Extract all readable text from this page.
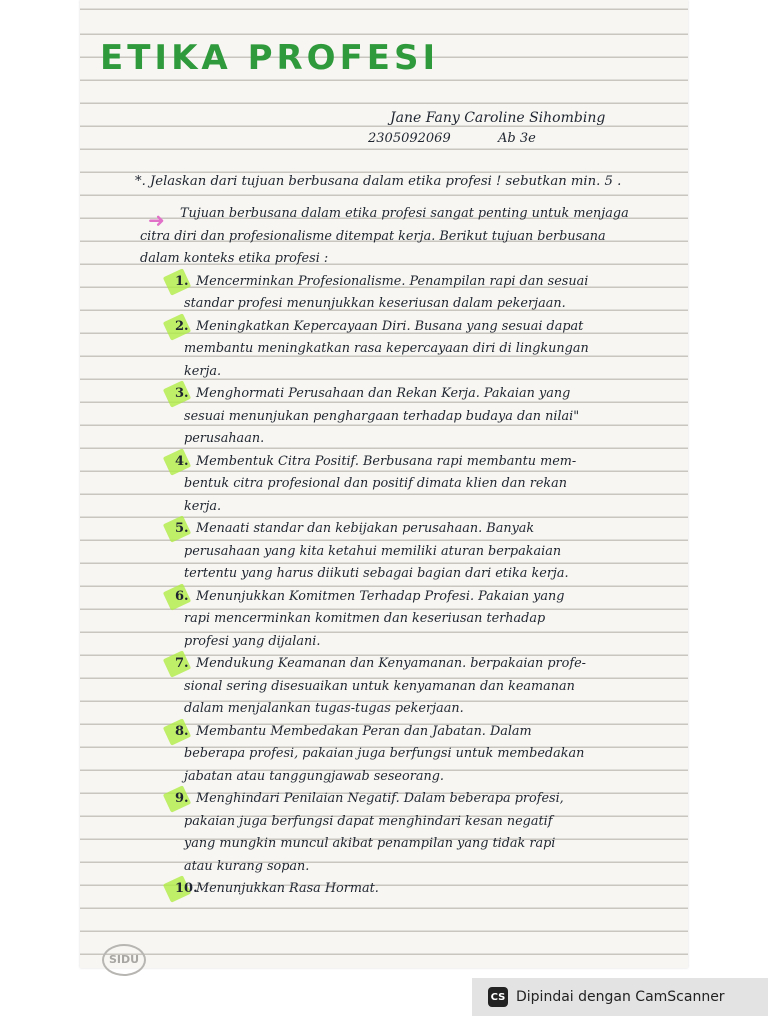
ETIKA PROFESI
Jane Fany Caroline Sihombing
2305092069	Ab 3e
*. Jelaskan dari tujuan berbusana dalam etika profesi ! sebutkan min. 5 .
➜ Tujuan berbusana dalam etika profesi sangat penting untuk menjaga
citra diri dan profesionalisme ditempat kerja. Berikut tujuan berbusana
dalam konteks etika profesi :
1. Mencerminkan Profesionalisme. Penampilan rapi dan sesuai
standar profesi menunjukkan keseriusan dalam pekerjaan.
2. Meningkatkan Kepercayaan Diri. Busana yang sesuai dapat
membantu meningkatkan rasa kepercayaan diri di lingkungan
kerja.
3. Menghormati Perusahaan dan Rekan Kerja. Pakaian yang
sesuai menunjukan penghargaan terhadap budaya dan nilai"
perusahaan.
4. Membentuk Citra Positif. Berbusana rapi membantu mem-
bentuk citra profesional dan positif dimata klien dan rekan
kerja.
5. Menaati standar dan kebijakan perusahaan. Banyak
perusahaan yang kita ketahui memiliki aturan berpakaian
tertentu yang harus diikuti sebagai bagian dari etika kerja.
6. Menunjukkan Komitmen Terhadap Profesi. Pakaian yang
rapi mencerminkan komitmen dan keseriusan terhadap
profesi yang dijalani.
7. Mendukung Keamanan dan Kenyamanan. berpakaian profe-
sional sering disesuaikan untuk kenyamanan dan keamanan
dalam menjalankan tugas-tugas pekerjaan.
8. Membantu Membedakan Peran dan Jabatan. Dalam
beberapa profesi, pakaian juga berfungsi untuk membedakan
jabatan atau tanggungjawab seseorang.
9. Menghindari Penilaian Negatif. Dalam beberapa profesi,
pakaian juga berfungsi dapat menghindari kesan negatif
yang mungkin muncul akibat penampilan yang tidak rapi
atau kurang sopan.
10.
Menunjukkan Rasa Hormat.
SIDU
CS Dipindai dengan CamScanner
